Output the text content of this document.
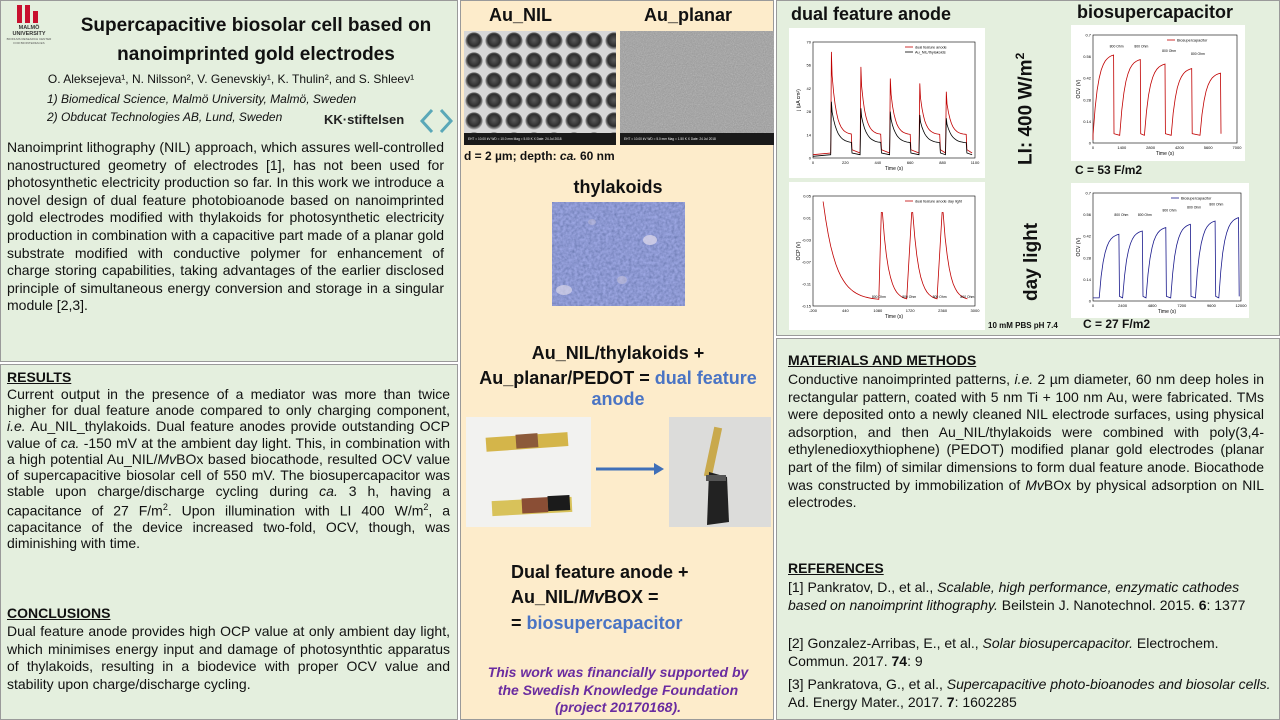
MALMÖ UNIVERSITY
BIOFILMS RESEARCH CENTER FOR BIOINTERFACES
Supercapacitive biosolar cell based on
nanoimprinted gold electrodes
O. Aleksejeva¹, N. Nilsson², V. Genevskiy¹, K. Thulin², and S. Shleev¹
1) Biomedical Science, Malmö University, Malmö, Sweden
2) Obducat Technologies AB, Lund, Sweden	KK·stiftelsen
Nanoimprint lithography (NIL) approach, which assures well-controlled nanostructured geometry of electrodes [1], has not been used for photosynthetic electricity production so far. In this work we introduce a novel design of dual feature photobioanode based on nanoimprinted gold electrodes modified with thylakoids for photosynthetic electricity production in combination with a capacitive part made of a planar gold substrate modified with conductive polymer for enhancement of charge storing capabilities, taking advantages of the earlier disclosed principle of simultaneous energy conversion and storage in a singular module [2,3].
RESULTS
Current output in the presence of a mediator was more than twice higher for dual feature anode compared to only charging component, i.e. Au_NIL_thylakoids. Dual feature anodes provide outstanding OCP value of ca. -150 mV at the ambient day light. This, in combination with a high potential Au_NIL/MvBOx based biocathode, resulted OCV value of supercapacitive biosolar cell of 550 mV. The biosupercapacitor was stable upon charge/discharge cycling during ca. 3 h, having a capacitance of 27 $F/m^2$. Upon illumination with LI 400 $W/m^2$, a capacitance of the device increased two-fold, OCV, though, was diminishing with time.
CONCLUSIONS
Dual feature anode provides high OCP value at only ambient day light, which minimises energy input and damage of photosynthtic apparatus of thylakoids, resulting in a biodevice with proper OCV value and stability upon charge/discharge cycling.
Au_NIL	Au_planar
EHT = 10.00 kV WD = 10.0 mm Mag = 5.00 K X Date: 24 Jul 2018	EHT = 10.00 kV WD = 5.0 mm Mag = 1.50 K X Date: 24 Jul 2018
d = 2 µm; depth: ca. 60 nm
thylakoids
Au_NIL/thylakoids +
Au_planar/PEDOT = dual feature anode
Dual feature anode +
Au_NIL/MvBOX =
= biosupercapacitor
This work was financially supported by the Swedish Knowledge Foundation (project 20170168).
dual feature anode	biosupercapacitor
0
0
220
14
440
28
660
42
880
56
1100
70
Time (s)
j (µA cm²)
dual feature anode
Au_NIL/thylakoids
0
0
1400
0.14
2800
0.28
4200
0.42
5600
0.56
7000
0.7
Time (s)
OCV (V)
Biosupercapacitor
800 Ohm	800 Ohm
800 Ohm
800 Ohm
-200
-0.15
440
-0.11
1080
-0.07
1720
-0.03
2360
0.01
3000
0.05
Time (s)
OCP (V)
dual feature anode day light
800 Ohm	800 Ohm	800 Ohm	800 Ohm
0
0
2400
0.14
4800
0.28
7200
0.42
9600
0.56
12000
0.7
Time (s)
OCV (V)
Biosupercapacitor
800 Ohm	800 Ohm
800 Ohm
800 Ohm
800 Ohm
LI: 400 $W/m^2$
day light
C = 53 F/m2
C = 27 F/m2
10 mM PBS pH 7.4
MATERIALS AND METHODS
Conductive nanoimprinted patterns, i.e. 2 µm diameter, 60 nm deep holes in rectangular pattern, coated with 5 nm Ti + 100 nm Au, were fabricated. TMs were deposited onto a newly cleaned NIL electrode surfaces, using physical adsorption, and then Au_NIL/thylakoids were combined with poly(3,4-ethylenedioxythiophene) (PEDOT) modified planar gold electrodes (planar part of the film) of similar dimensions to form dual feature anode. Biocathode was constructed by immobilization of MvBOx by physical adsorption on NIL electrodes.
REFERENCES
[1] Pankratov, D., et al., Scalable, high performance, enzymatic cathodes based on nanoimprint lithography. Beilstein J. Nanotechnol. 2015. 6: 1377
[2] Gonzalez-Arribas, E., et al., Solar biosupercapacitor. Electrochem. Commun. 2017. 74: 9
[3] Pankratova, G., et al., Supercapacitive photo-bioanodes and biosolar cells. Ad. Energy Mater., 2017. 7: 1602285
